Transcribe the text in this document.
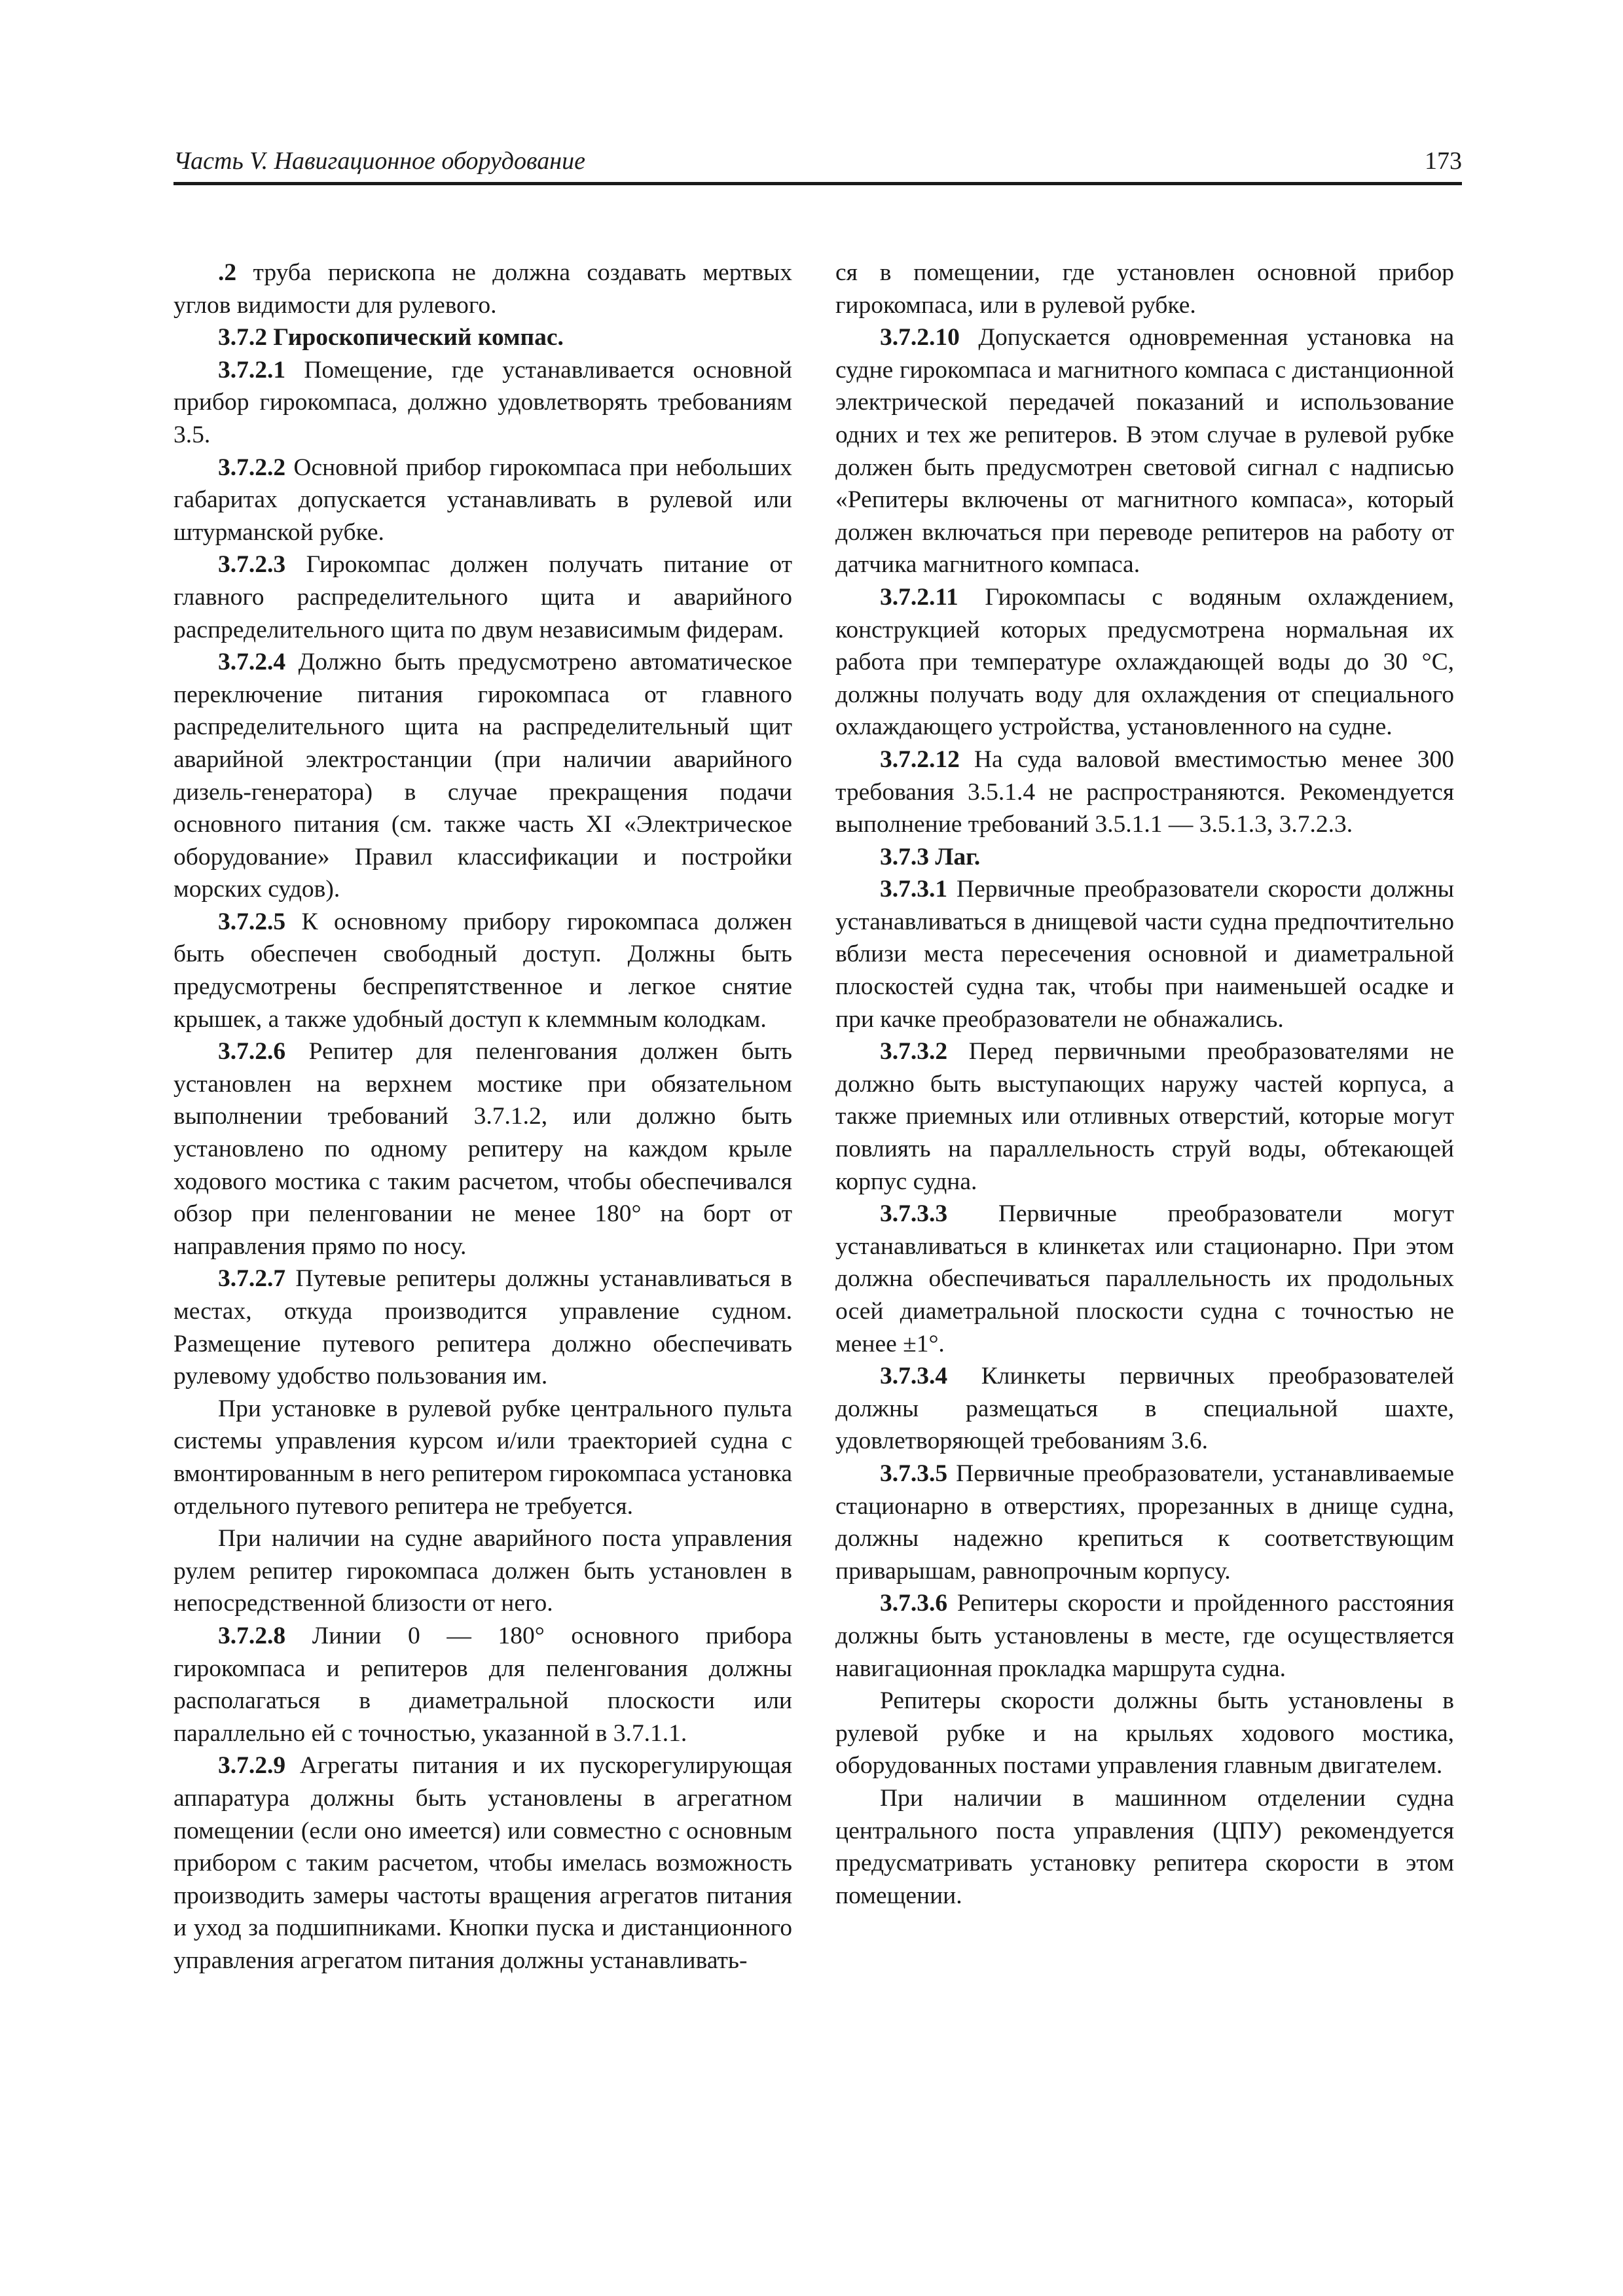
Часть V. Навигационное оборудование	173

.2 труба перископа не должна создавать мертвых углов видимости для рулевого.

3.7.2 Гироскопический компас.

3.7.2.1 Помещение, где устанавливается основной прибор гирокомпаса, должно удовлетворять требованиям 3.5.

3.7.2.2 Основной прибор гирокомпаса при небольших габаритах допускается устанавливать в рулевой или штурманской рубке.

3.7.2.3 Гирокомпас должен получать питание от главного распределительного щита и аварийного распределительного щита по двум независимым фидерам.

3.7.2.4 Должно быть предусмотрено автоматическое переключение питания гирокомпаса от главного распределительного щита на распределительный щит аварийной электростанции (при наличии аварийного дизель-генератора) в случае прекращения подачи основного питания (см. также часть XI «Электрическое оборудование» Правил классификации и постройки морских судов).

3.7.2.5 К основному прибору гирокомпаса должен быть обеспечен свободный доступ. Должны быть предусмотрены беспрепятственное и легкое снятие крышек, а также удобный доступ к клеммным колодкам.

3.7.2.6 Репитер для пеленгования должен быть установлен на верхнем мостике при обязательном выполнении требований 3.7.1.2, или должно быть установлено по одному репитеру на каждом крыле ходового мостика с таким расчетом, чтобы обеспечивался обзор при пеленговании не менее 180° на борт от направления прямо по носу.

3.7.2.7 Путевые репитеры должны устанавливаться в местах, откуда производится управление судном. Размещение путевого репитера должно обеспечивать рулевому удобство пользования им.

При установке в рулевой рубке центрального пульта системы управления курсом и/или траекторией судна с вмонтированным в него репитером гирокомпаса установка отдельного путевого репитера не требуется.

При наличии на судне аварийного поста управления рулем репитер гирокомпаса должен быть установлен в непосредственной близости от него.

3.7.2.8 Линии 0 — 180° основного прибора гирокомпаса и репитеров для пеленгования должны располагаться в диаметральной плоскости или параллельно ей с точностью, указанной в 3.7.1.1.

3.7.2.9 Агрегаты питания и их пускорегулирующая аппаратура должны быть установлены в агрегатном помещении (если оно имеется) или совместно с основным прибором с таким расчетом, чтобы имелась возможность производить замеры частоты вращения агрегатов питания и уход за подшипниками. Кнопки пуска и дистанционного управления агрегатом питания должны устанавливать-

ся в помещении, где установлен основной прибор гирокомпаса, или в рулевой рубке.

3.7.2.10 Допускается одновременная установка на судне гирокомпаса и магнитного компаса с дистанционной электрической передачей показаний и использование одних и тех же репитеров. В этом случае в рулевой рубке должен быть предусмотрен световой сигнал с надписью «Репитеры включены от магнитного компаса», который должен включаться при переводе репитеров на работу от датчика магнитного компаса.

3.7.2.11 Гирокомпасы с водяным охлаждением, конструкцией которых предусмотрена нормальная их работа при температуре охлаждающей воды до 30 °С, должны получать воду для охлаждения от специального охлаждающего устройства, установленного на судне.

3.7.2.12 На суда валовой вместимостью менее 300 требования 3.5.1.4 не распространяются. Рекомендуется выполнение требований 3.5.1.1 — 3.5.1.3, 3.7.2.3.

3.7.3 Лаг.

3.7.3.1 Первичные преобразователи скорости должны устанавливаться в днищевой части судна предпочтительно вблизи места пересечения основной и диаметральной плоскостей судна так, чтобы при наименьшей осадке и при качке преобразователи не обнажались.

3.7.3.2 Перед первичными преобразователями не должно быть выступающих наружу частей корпуса, а также приемных или отливных отверстий, которые могут повлиять на параллельность струй воды, обтекающей корпус судна.

3.7.3.3 Первичные преобразователи могут устанавливаться в клинкетах или стационарно. При этом должна обеспечиваться параллельность их продольных осей диаметральной плоскости судна с точностью не менее ±1°.

3.7.3.4 Клинкеты первичных преобразователей должны размещаться в специальной шахте, удовлетворяющей требованиям 3.6.

3.7.3.5 Первичные преобразователи, устанавливаемые стационарно в отверстиях, прорезанных в днище судна, должны надежно крепиться к соответствующим приварышам, равнопрочным корпусу.

3.7.3.6 Репитеры скорости и пройденного расстояния должны быть установлены в месте, где осуществляется навигационная прокладка маршрута судна.

Репитеры скорости должны быть установлены в рулевой рубке и на крыльях ходового мостика, оборудованных постами управления главным двигателем.

При наличии в машинном отделении судна центрального поста управления (ЦПУ) рекомендуется предусматривать установку репитера скорости в этом помещении.
